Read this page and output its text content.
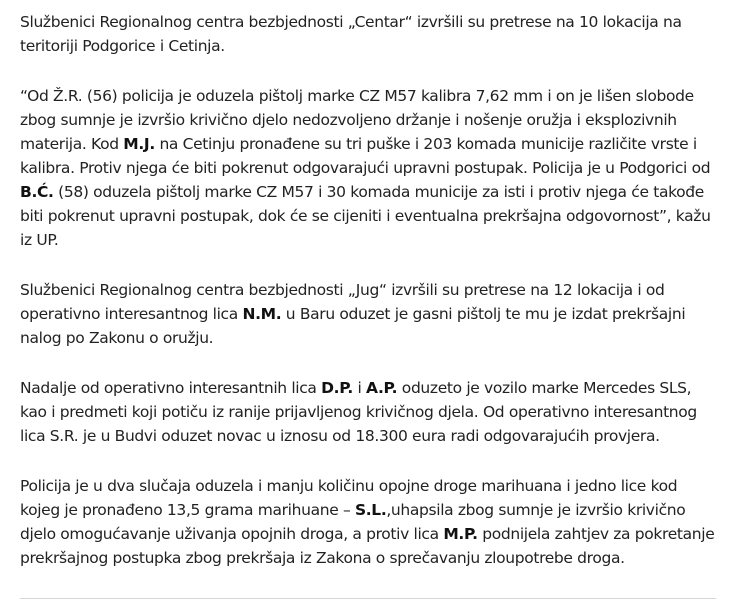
Službenici Regionalnog centra bezbjednosti „Centar“ izvršili su pretrese na 10 lokacija na teritoriji Podgorice i Cetinja.

“Od Ž.R. (56) policija je oduzela pištolj marke CZ M57 kalibra 7,62 mm i on je lišen slobode zbog sumnje je izvršio krivično djelo nedozvoljeno držanje i nošenje oružja i eksplozivnih materija. Kod M.J. na Cetinju pronađene su tri puške i 203 komada municije različite vrste i kalibra. Protiv njega će biti pokrenut odgovarajući upravni postupak. Policija je u Podgorici od B.Ć. (58) oduzela pištolj marke CZ M57 i 30 komada municije za isti i protiv njega će takođe biti pokrenut upravni postupak, dok će se cijeniti i eventualna prekršajna odgovornost”, kažu iz UP.

Službenici Regionalnog centra bezbjednosti „Jug“ izvršili su pretrese na 12 lokacija i od operativno interesantnog lica N.M. u Baru oduzet je gasni pištolj te mu je izdat prekršajni nalog po Zakonu o oružju.

Nadalje od operativno interesantnih lica D.P. i A.P. oduzeto je vozilo marke Mercedes SLS, kao i predmeti koji potiču iz ranije prijavljenog krivičnog djela. Od operativno interesantnog lica S.R. je u Budvi oduzet novac u iznosu od 18.300 eura radi odgovarajućih provjera.

Policija je u dva slučaja oduzela i manju količinu opojne droge marihuana i jedno lice kod kojeg je pronađeno 13,5 grama marihuane – S.L.,uhapsila zbog sumnje je izvršio krivično djelo omogućavanje uživanja opojnih droga, a protiv lica M.P. podnijela zahtjev za pokretanje prekršajnog postupka zbog prekršaja iz Zakona o sprečavanju zloupotrebe droga.
